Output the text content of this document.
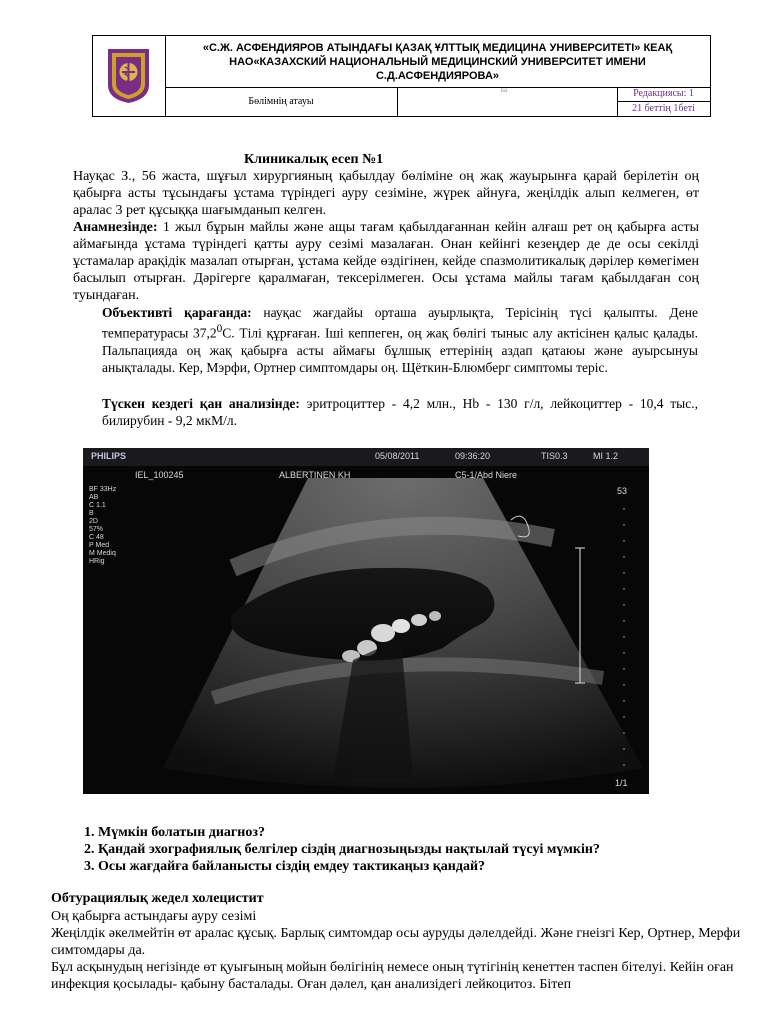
«С.Ж. АСФЕНДИЯРОВ АТЫНДАҒЫ ҚАЗАҚ ҰЛТТЫҚ МЕДИЦИНА УНИВЕРСИТЕТІ» КЕАҚ
НАО«КАЗАХСКИЙ НАЦИОНАЛЬНЫЙ МЕДИЦИНСКИЙ УНИВЕРСИТЕТ ИМЕНИ
С.Д.АСФЕНДИЯРОВА»
Бөлімнің атауы
БӘ	Редакциясы: 1
21 беттің 1беті

Клиникалық есеп №1

Науқас З., 56 жаста, шұғыл хирургияның қабылдау бөліміне оң жақ жауырынға қарай берілетін оң қабырға асты тұсындағы ұстама түріндегі ауру сезіміне, жүрек айнуға, жеңілдік алып келмеген, өт аралас 3 рет құсыққа шағымданып келген.

Анамнезінде: 1 жыл бұрын майлы және ащы тағам қабылдағаннан кейін алғаш рет оң қабырға асты аймағында ұстама түріндегі қатты ауру сезімі мазалаған. Онан кейінгі кезеңдер де де осы секілді ұстамалар арақідік мазалап отырған, ұстама кейде өздігінен, кейде спазмолитикалық дәрілер көмегімен басылып отырған. Дәрігерге қаралмаған, тексерілмеген. Осы ұстама майлы тағам қабылдаған соң туындаған.

Объективті қарағанда: науқас жағдайы орташа ауырлықта, Терісінің түсі қалыпты. Дене температурасы 37,2$^0$С. Тілі құрғаған. Іші кеппеген, оң жақ бөлігі тыныс алу актісінен қалыс қалады. Пальпацияда оң жақ қабырға асты аймағы бұлшық еттерінің аздап қатаюы және ауырсынуы анықталады. Кер, Мэрфи, Ортнер симптомдары оң. Щёткин-Блюмберг симптомы теріс.

Түскен кездегі қан анализінде: эритроциттер - 4,2 млн., Hb - 130 г/л, лейкоциттер - 10,4 тыс., билирубин - 9,2 мкМ/л.

PHILIPS	05/08/2011	09:36:20	TIS0.3	MI 1.2
IEL_100245	ALBERTINEN KH	C5-1/Abd Niere
53
1/1
BF 33Hz
AB
C 1.1
B
2D
57%
C 48
P Med
M Mediq
HRig
1. Мүмкін болатын диагноз?
2. Қандай эхографиялық белгілер сіздің диагнозыңызды нақтылай түсуі мүмкін?
3. Осы жағдайға байланысты сіздің емдеу тактикаңыз қандай?

Обтурациялық жедел холецистит

Оң қабырға астындағы ауру сезімі

Жеңілдік әкелмейтін өт аралас құсық. Барлық симтомдар осы ауруды дәлелдейді. Және гнеізгі Кер, Ортнер, Мерфи симтомдары да.

Бұл асқынудың негізінде өт қуығының мойын бөлігінің немесе оның түтігінің кенеттен таспен бітелуі. Кейін оған инфекция қосылады- қабыну басталады. Оған дәлел, қан анализідегі лейкоцитоз. Бітеп
